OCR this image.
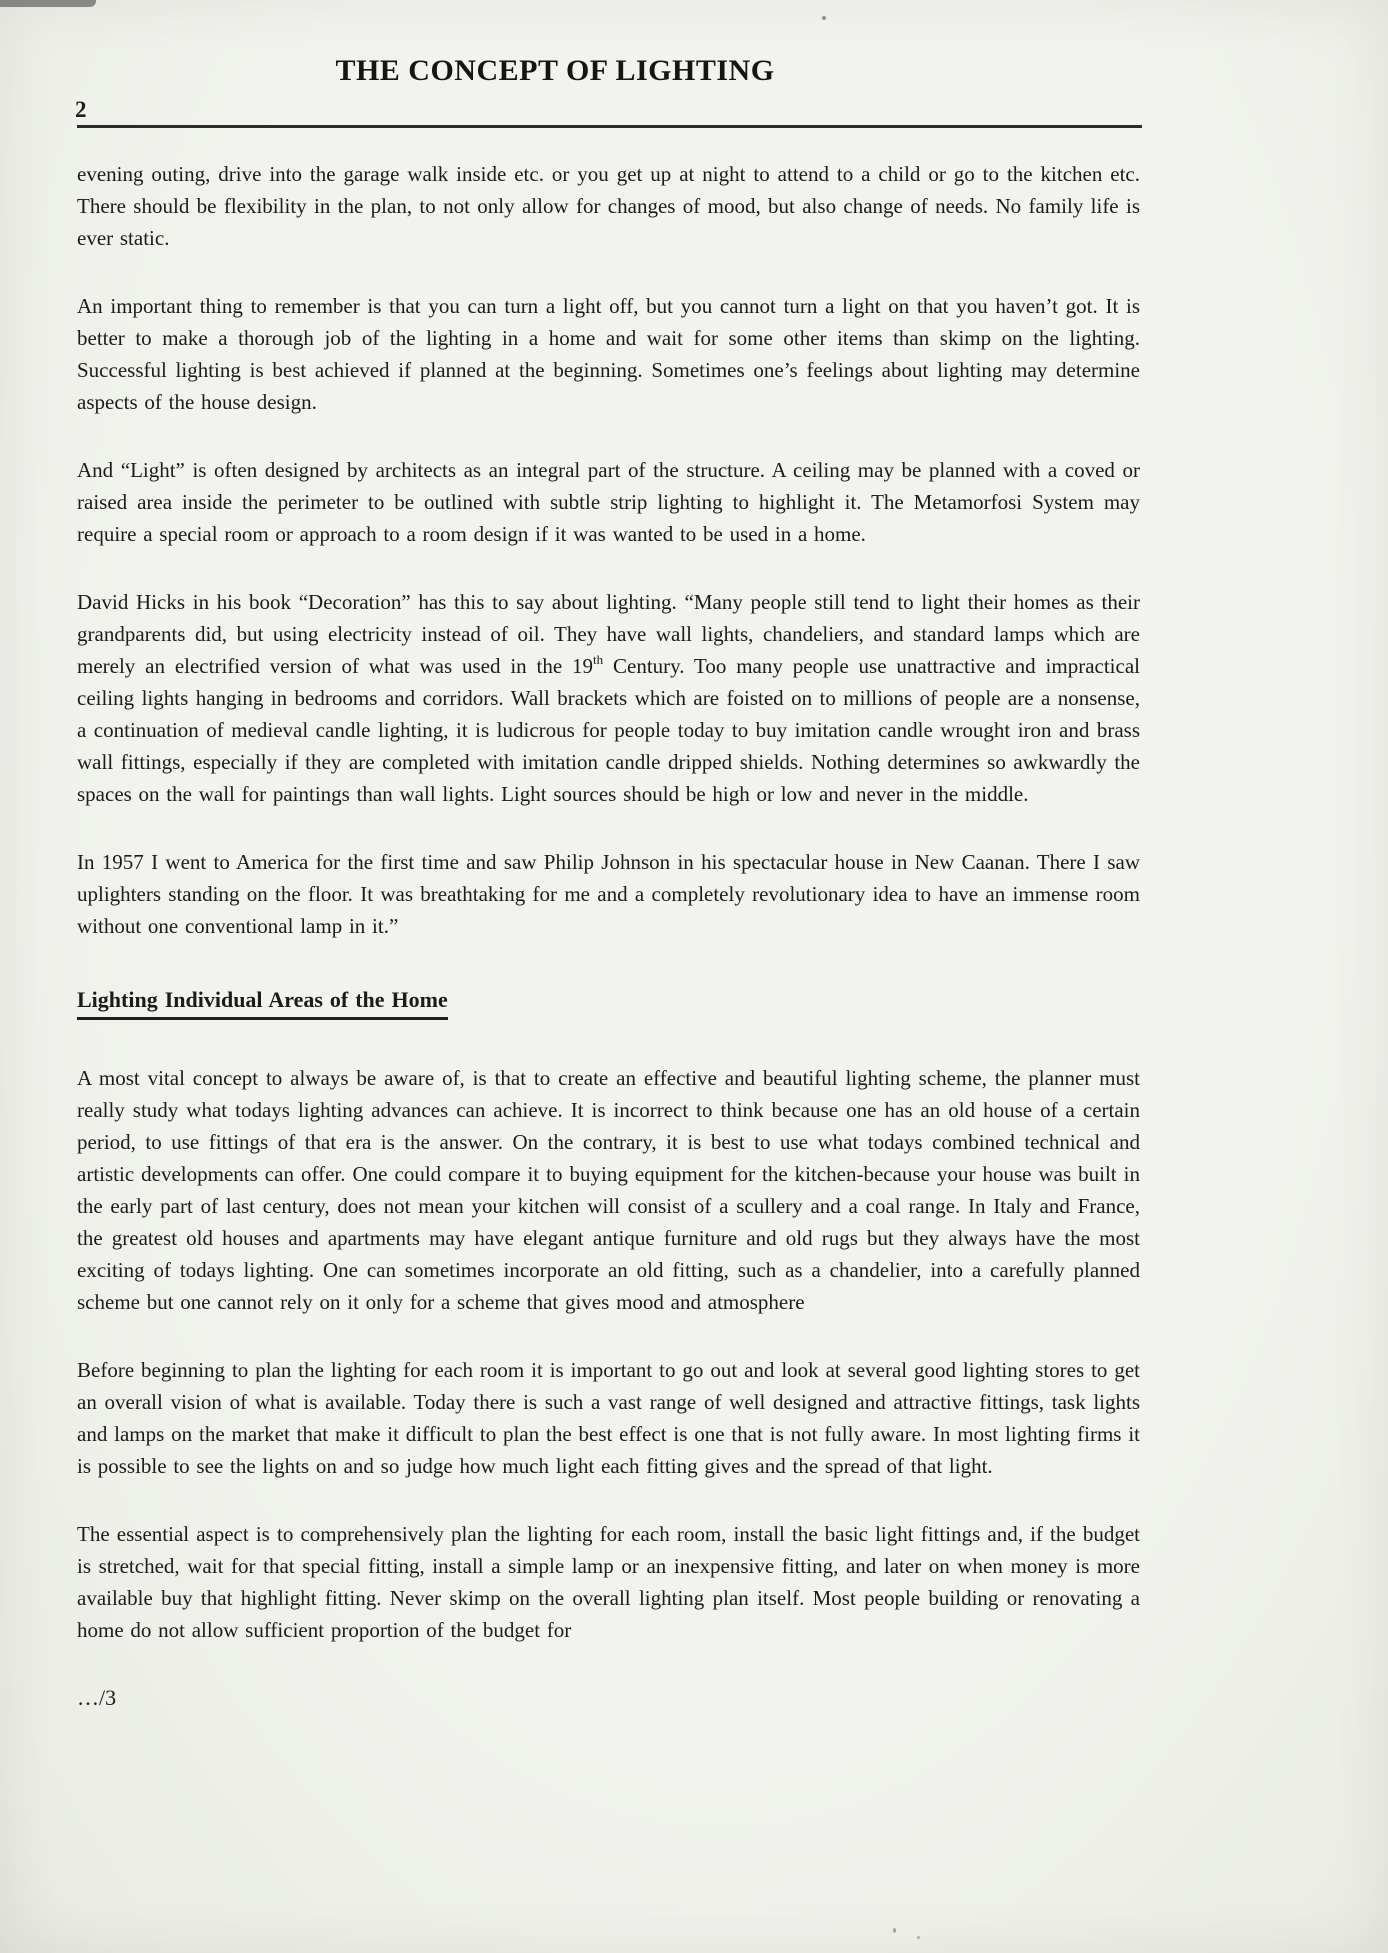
THE CONCEPT OF LIGHTING
2

evening outing, drive into the garage walk inside etc. or you get up at night to attend to a child or go to the kitchen etc. There should be flexibility in the plan, to not only allow for changes of mood, but also change of needs. No family life is ever static.

An important thing to remember is that you can turn a light off, but you cannot turn a light on that you haven’t got. It is better to make a thorough job of the lighting in a home and wait for some other items than skimp on the lighting. Successful lighting is best achieved if planned at the beginning. Sometimes one’s feelings about lighting may determine aspects of the house design.

And “Light” is often designed by architects as an integral part of the structure. A ceiling may be planned with a coved or raised area inside the perimeter to be outlined with subtle strip lighting to highlight it. The Metamorfosi System may require a special room or approach to a room design if it was wanted to be used in a home.

David Hicks in his book “Decoration” has this to say about lighting. “Many people still tend to light their homes as their grandparents did, but using electricity instead of oil. They have wall lights, chandeliers, and standard lamps which are merely an electrified version of what was used in the 19th Century. Too many people use unattractive and impractical ceiling lights hanging in bedrooms and corridors. Wall brackets which are foisted on to millions of people are a nonsense, a continuation of medieval candle lighting, it is ludicrous for people today to buy imitation candle wrought iron and brass wall fittings, especially if they are completed with imitation candle dripped shields. Nothing determines so awkwardly the spaces on the wall for paintings than wall lights. Light sources should be high or low and never in the middle.

In 1957 I went to America for the first time and saw Philip Johnson in his spectacular house in New Caanan. There I saw uplighters standing on the floor. It was breathtaking for me and a completely revolutionary idea to have an immense room without one conventional lamp in it.”

Lighting Individual Areas of the Home

A most vital concept to always be aware of, is that to create an effective and beautiful lighting scheme, the planner must really study what todays lighting advances can achieve. It is incorrect to think because one has an old house of a certain period, to use fittings of that era is the answer. On the contrary, it is best to use what todays combined technical and artistic developments can offer. One could compare it to buying equipment for the kitchen-because your house was built in the early part of last century, does not mean your kitchen will consist of a scullery and a coal range. In Italy and France, the greatest old houses and apartments may have elegant antique furniture and old rugs but they always have the most exciting of todays lighting. One can sometimes incorporate an old fitting, such as a chandelier, into a carefully planned scheme but one cannot rely on it only for a scheme that gives mood and atmosphere

Before beginning to plan the lighting for each room it is important to go out and look at several good lighting stores to get an overall vision of what is available. Today there is such a vast range of well designed and attractive fittings, task lights and lamps on the market that make it difficult to plan the best effect is one that is not fully aware. In most lighting firms it is possible to see the lights on and so judge how much light each fitting gives and the spread of that light.

The essential aspect is to comprehensively plan the lighting for each room, install the basic light fittings and, if the budget is stretched, wait for that special fitting, install a simple lamp or an inexpensive fitting, and later on when money is more available buy that highlight fitting. Never skimp on the overall lighting plan itself. Most people building or renovating a home do not allow sufficient proportion of the budget for

…/3
